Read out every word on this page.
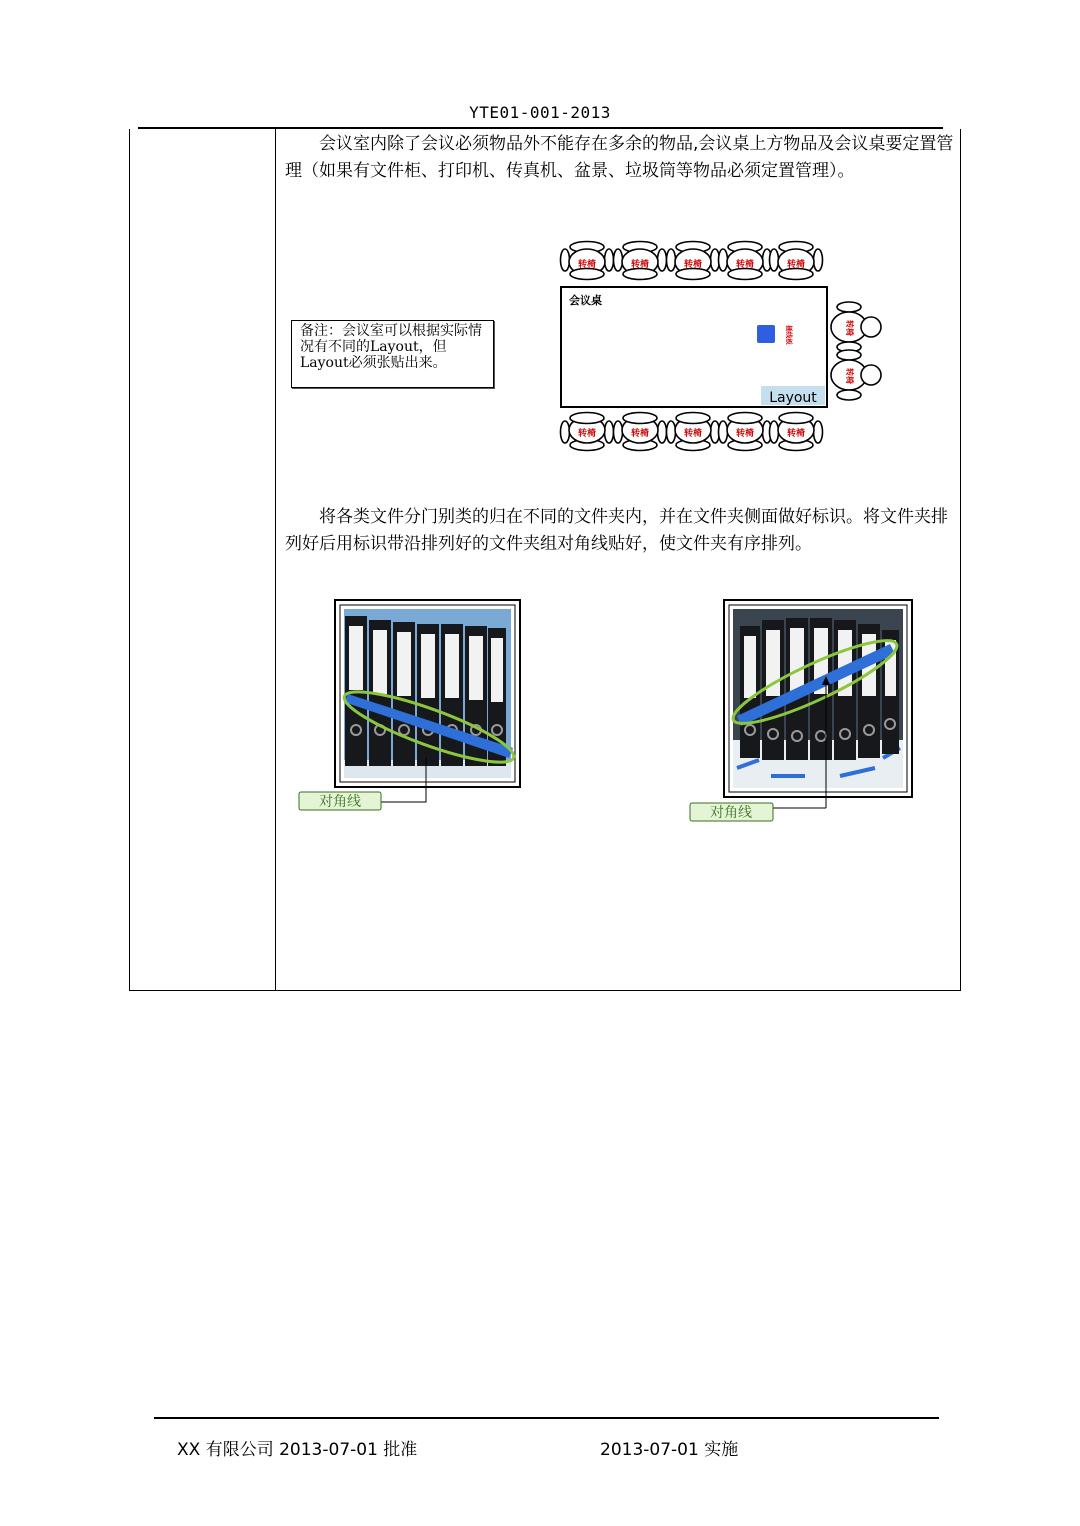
YTE01-001-2013
　　会议室内除了会议必须物品外不能存在多余的物品,会议桌上方物品及会议桌要定置管理（如果有文件柜、打印机、传真机、盆景、垃圾筒等物品必须定置管理）。
备注：会议室可以根据实际情况有不同的Layout，但Layout必须张贴出来。
转椅	转椅	转椅	转椅	转椅
会议桌
插线板
Layout
转椅
转椅
转椅	转椅	转椅	转椅	转椅
　　将各类文件分门别类的归在不同的文件夹内，并在文件夹侧面做好标识。将文件夹排列好后用标识带沿排列好的文件夹组对角线贴好，使文件夹有序排列。
对角线
对角线
XX 有限公司 2013-07-01 批准	2013-07-01 实施
